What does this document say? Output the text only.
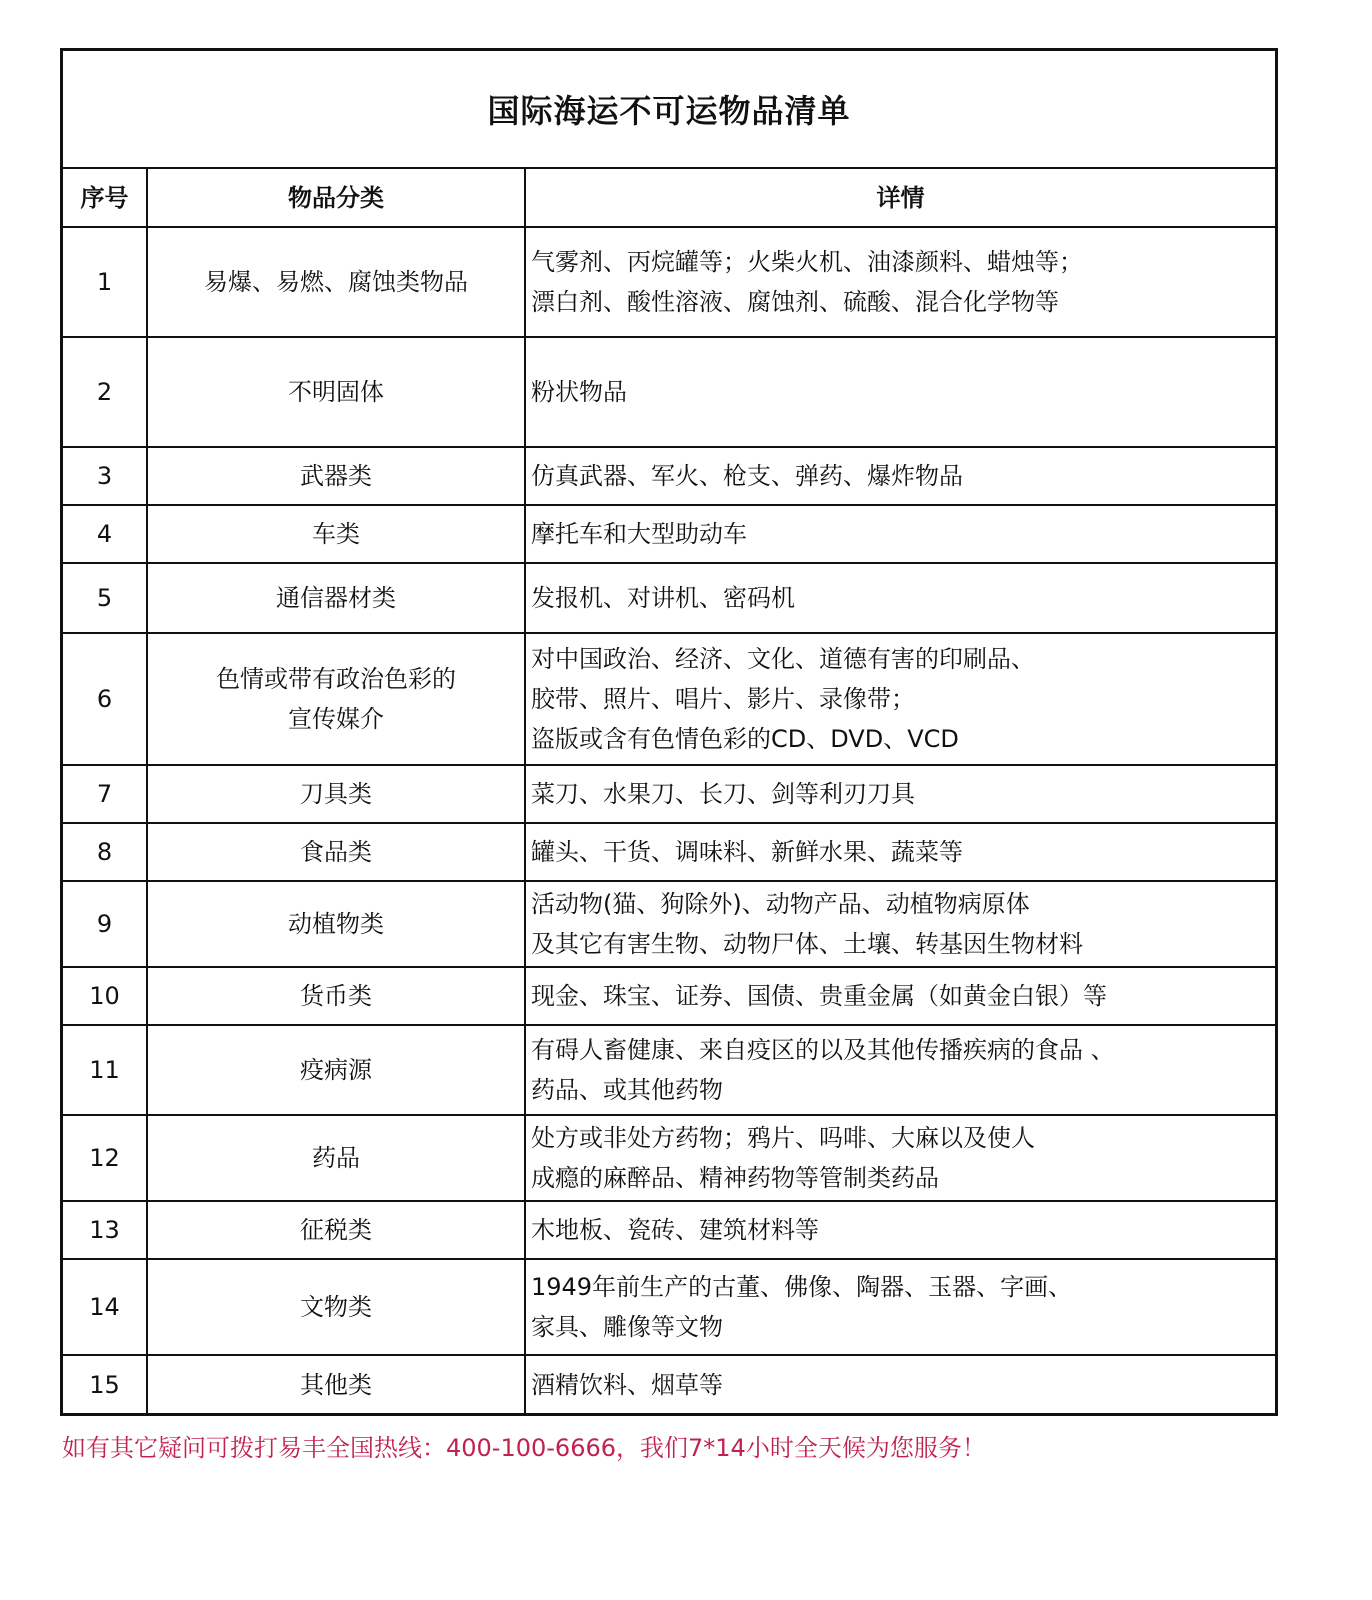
国际海运不可运物品清单
序号	物品分类	详情
1	易爆、易燃、腐蚀类物品	气雾剂、丙烷罐等；火柴火机、油漆颜料、蜡烛等；
漂白剂、酸性溶液、腐蚀剂、硫酸、混合化学物等

2	不明固体	粉状物品

3	武器类	仿真武器、军火、枪支、弹药、爆炸物品

4	车类	摩托车和大型助动车

5	通信器材类	发报机、对讲机、密码机

6	色情或带有政治色彩的
宣传媒介	对中国政治、经济、文化、道德有害的印刷品、
胶带、照片、唱片、影片、录像带；
盗版或含有色情色彩的CD、DVD、VCD

7	刀具类	菜刀、水果刀、长刀、剑等利刃刀具

8	食品类	罐头、干货、调味料、新鲜水果、蔬菜等

9	动植物类	活动物(猫、狗除外)、动物产品、动植物病原体
及其它有害生物、动物尸体、土壤、转基因生物材料

10	货币类	现金、珠宝、证券、国债、贵重金属（如黄金白银）等

11	疫病源	有碍人畜健康、来自疫区的以及其他传播疾病的食品 、
药品、或其他药物

12	药品	处方或非处方药物；鸦片、吗啡、大麻以及使人
成瘾的麻醉品、精神药物等管制类药品

13	征税类	木地板、瓷砖、建筑材料等

14	文物类	1949年前生产的古董、佛像、陶器、玉器、字画、
家具、雕像等文物

15	其他类	酒精饮料、烟草等
如有其它疑问可拨打易丰全国热线：400-100-6666，我们7*14小时全天候为您服务！
